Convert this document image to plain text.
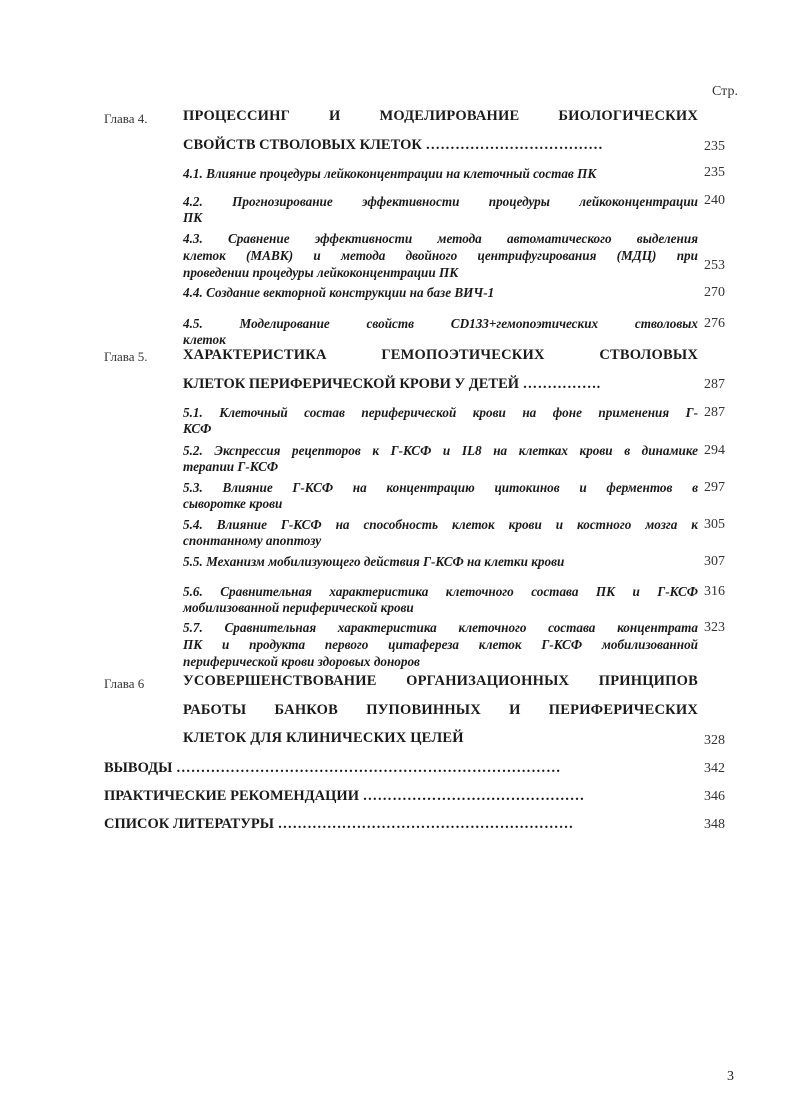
Стр.
Глава 4. ПРОЦЕССИНГ И МОДЕЛИРОВАНИЕ БИОЛОГИЧЕСКИХ
СВОЙСТВ СТВОЛОВЫХ КЛЕТОК ………………………………	235
4.1. Влияние процедуры лейкоконцентрации на клеточный состав ПК	235
4.2. Прогнозирование эффективности процедуры лейкоконцентрации
ПК
240
4.3. Сравнение эффективности метода автоматического выделения
клеток (МАВК) и метода двойного центрифугирования (МДЦ) при
проведении процедуры лейкоконцентрации ПК	253
4.4. Создание векторной конструкции на базе ВИЧ-1	270
4.5. Моделирование свойств CD133+гемопоэтических стволовых
клеток
276
Глава 5. ХАРАКТЕРИСТИКА ГЕМОПОЭТИЧЕСКИХ СТВОЛОВЫХ
КЛЕТОК ПЕРИФЕРИЧЕСКОЙ КРОВИ У ДЕТЕЙ …………….	287
5.1. Клеточный состав периферической крови на фоне применения Г-
КСФ
287
5.2. Экспрессия рецепторов к Г-КСФ и IL8 на клетках крови в динамике
терапии Г-КСФ
294
5.3. Влияние Г-КСФ на концентрацию цитокинов и ферментов в
сыворотке крови
297
5.4. Влияние Г-КСФ на способность клеток крови и костного мозга к
спонтанному апоптозу
305
5.5. Механизм мобилизующего действия Г-КСФ на клетки крови	307
5.6. Сравнительная характеристика клеточного состава ПК и Г-КСФ
мобилизованной периферической крови
316
5.7. Сравнительная характеристика клеточного состава концентрата
ПК и продукта первого цитафереза клеток Г-КСФ мобилизованной
периферической крови здоровых доноров
323
Глава 6	УСОВЕРШЕНСТВОВАНИЕ ОРГАНИЗАЦИОННЫХ ПРИНЦИПОВ
РАБОТЫ БАНКОВ ПУПОВИННЫХ И ПЕРИФЕРИЧЕСКИХ
КЛЕТОК ДЛЯ КЛИНИЧЕСКИХ ЦЕЛЕЙ	328
ВЫВОДЫ ……………………………………………………………………	342
ПРАКТИЧЕСКИЕ РЕКОМЕНДАЦИИ ………………………………………	346
СПИСОК ЛИТЕРАТУРЫ ……………………………………………………	348
3
